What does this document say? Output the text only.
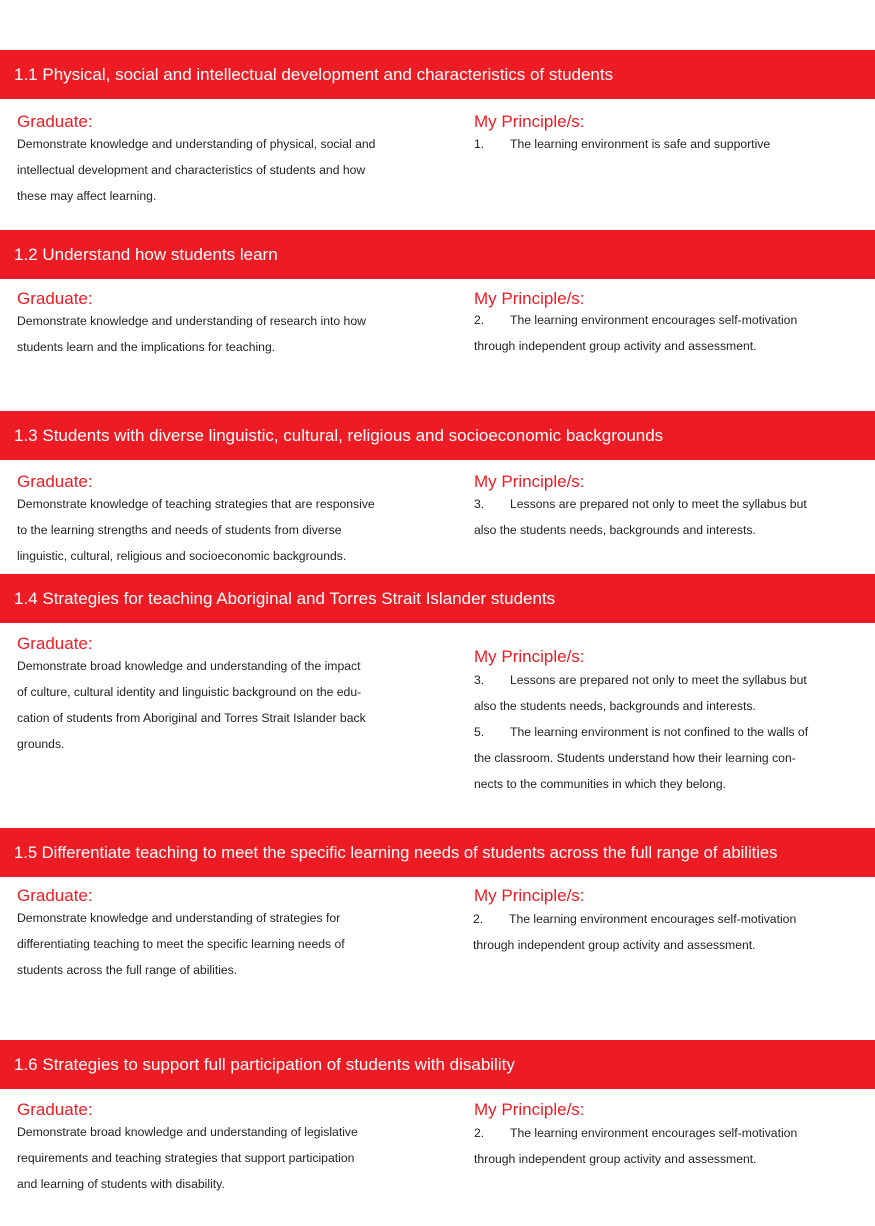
1.1 Physical, social and intellectual development and characteristics of students
Graduate:
Demonstrate knowledge and understanding of physical, social and
intellectual development and characteristics of students and how
these may affect learning.
My Principle/s:
1. The learning environment is safe and supportive
1.2 Understand how students learn
Graduate:
Demonstrate knowledge and understanding of research into how
students learn and the implications for teaching.
My Principle/s:
2. The learning environment encourages self-motivation
through independent group activity and assessment.
1.3 Students with diverse linguistic, cultural, religious and socioeconomic backgrounds
Graduate:
Demonstrate knowledge of teaching strategies that are responsive
to the learning strengths and needs of students from diverse
linguistic, cultural, religious and socioeconomic backgrounds.
My Principle/s:
3. Lessons are prepared not only to meet the syllabus but
also the students needs, backgrounds and interests.
1.4 Strategies for teaching Aboriginal and Torres Strait Islander students
Graduate:
Demonstrate broad knowledge and understanding of the impact
of culture, cultural identity and linguistic background on the edu-
cation of students from Aboriginal and Torres Strait Islander back
grounds.
My Principle/s:
3. Lessons are prepared not only to meet the syllabus but
also the students needs, backgrounds and interests.
5. The learning environment is not confined to the walls of
the classroom. Students understand how their learning con-
nects to the communities in which they belong.
1.5 Differentiate teaching to meet the specific learning needs of students across the full range of abilities
Graduate:
Demonstrate knowledge and understanding of strategies for
differentiating teaching to meet the specific learning needs of
students across the full range of abilities.
My Principle/s:
2. The learning environment encourages self-motivation
through independent group activity and assessment.
1.6 Strategies to support full participation of students with disability
Graduate:
Demonstrate broad knowledge and understanding of legislative
requirements and teaching strategies that support participation
and learning of students with disability.
My Principle/s:
2. The learning environment encourages self-motivation
through independent group activity and assessment.
